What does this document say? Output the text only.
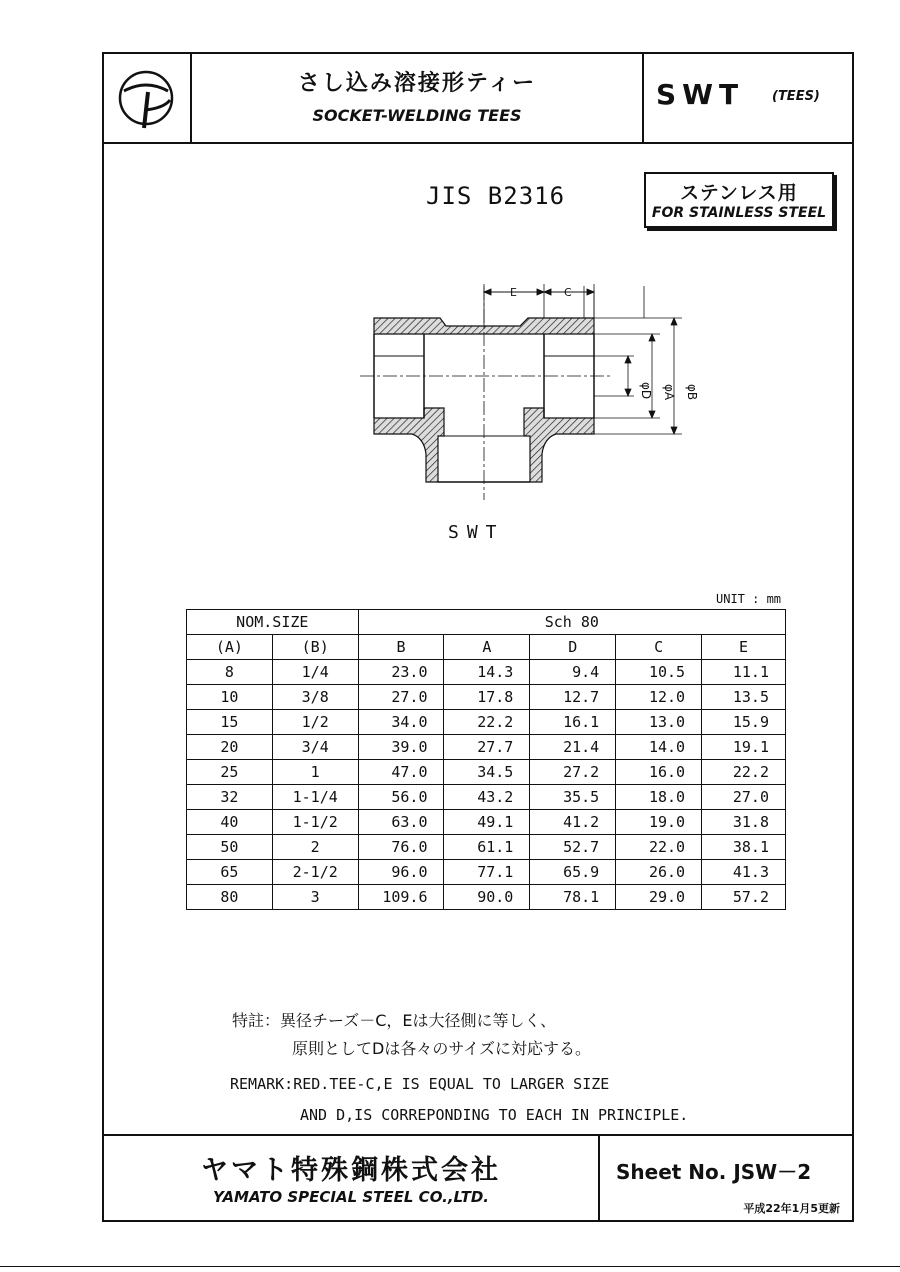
さし込み溶接形ティー
SOCKET-WELDING TEES
SWT (TEES)
JIS B2316	ステンレス用
FOR STAINLESS STEEL
E	C
φD φA φB
SWT
UNIT : mm
NOM.SIZE		Sch 80				
(A)	(B)	B	A	D	C	E
8	1/4	23.0	14.3	9.4	10.5	11.1
10	3/8	27.0	17.8	12.7	12.0	13.5
15	1/2	34.0	22.2	16.1	13.0	15.9
20	3/4	39.0	27.7	21.4	14.0	19.1
25	1	47.0	34.5	27.2	16.0	22.2
32	1-1/4	56.0	43.2	35.5	18.0	27.0
40	1-1/2	63.0	49.1	41.2	19.0	31.8
50	2	76.0	61.1	52.7	22.0	38.1
65	2-1/2	96.0	77.1	65.9	26.0	41.3
80	3	109.6	90.0	78.1	29.0	57.2
特註：異径チーズ－C，Eは大径側に等しく、
原則としてDは各々のサイズに対応する。
REMARK:RED.TEE-C,E IS EQUAL TO LARGER SIZE
AND D,IS CORREPONDING TO EACH IN PRINCIPLE.
ヤマト特殊鋼株式会社
YAMATO SPECIAL STEEL CO.,LTD.
Sheet No. JSW－2
平成22年1月5更新
